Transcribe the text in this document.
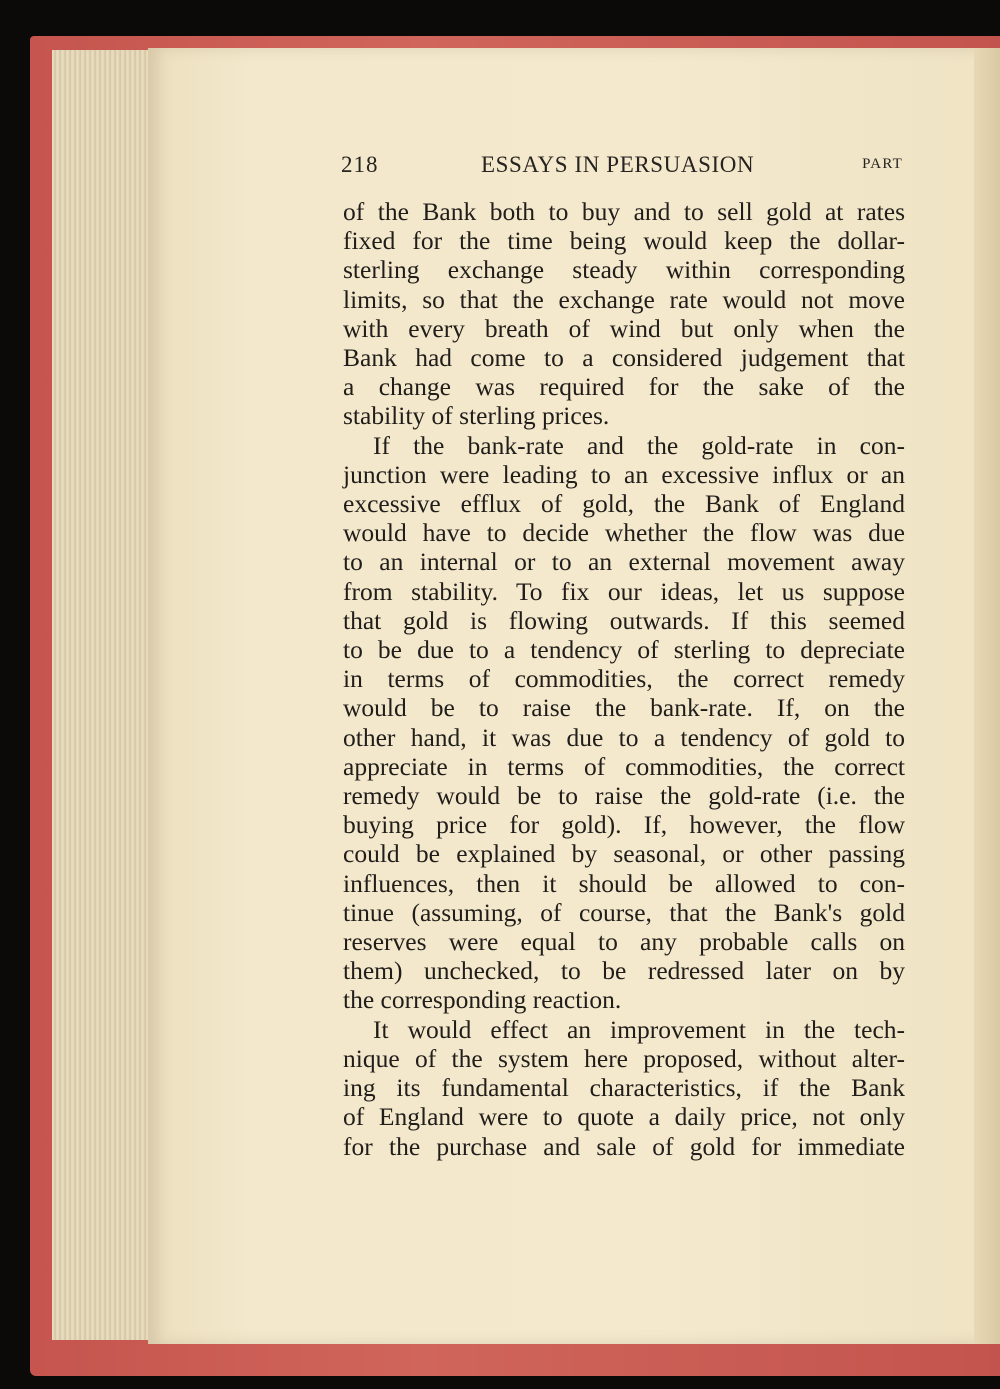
218	ESSAYS IN PERSUASION	PART

of the Bank both to buy and to sell gold at rates

fixed for the time being would keep the dollar-

sterling exchange steady within corresponding

limits, so that the exchange rate would not move

with every breath of wind but only when the

Bank had come to a considered judgement that

a change was required for the sake of the

stability of sterling prices.

If the bank-rate and the gold-rate in con-

junction were leading to an excessive influx or an

excessive efflux of gold, the Bank of England

would have to decide whether the flow was due

to an internal or to an external movement away

from stability. To fix our ideas, let us suppose

that gold is flowing outwards. If this seemed

to be due to a tendency of sterling to depreciate

in terms of commodities, the correct remedy

would be to raise the bank-rate. If, on the

other hand, it was due to a tendency of gold to

appreciate in terms of commodities, the correct

remedy would be to raise the gold-rate (i.e. the

buying price for gold). If, however, the flow

could be explained by seasonal, or other passing

influences, then it should be allowed to con-

tinue (assuming, of course, that the Bank's gold

reserves were equal to any probable calls on

them) unchecked, to be redressed later on by

the corresponding reaction.

It would effect an improvement in the tech-

nique of the system here proposed, without alter-

ing its fundamental characteristics, if the Bank

of England were to quote a daily price, not only

for the purchase and sale of gold for immediate
